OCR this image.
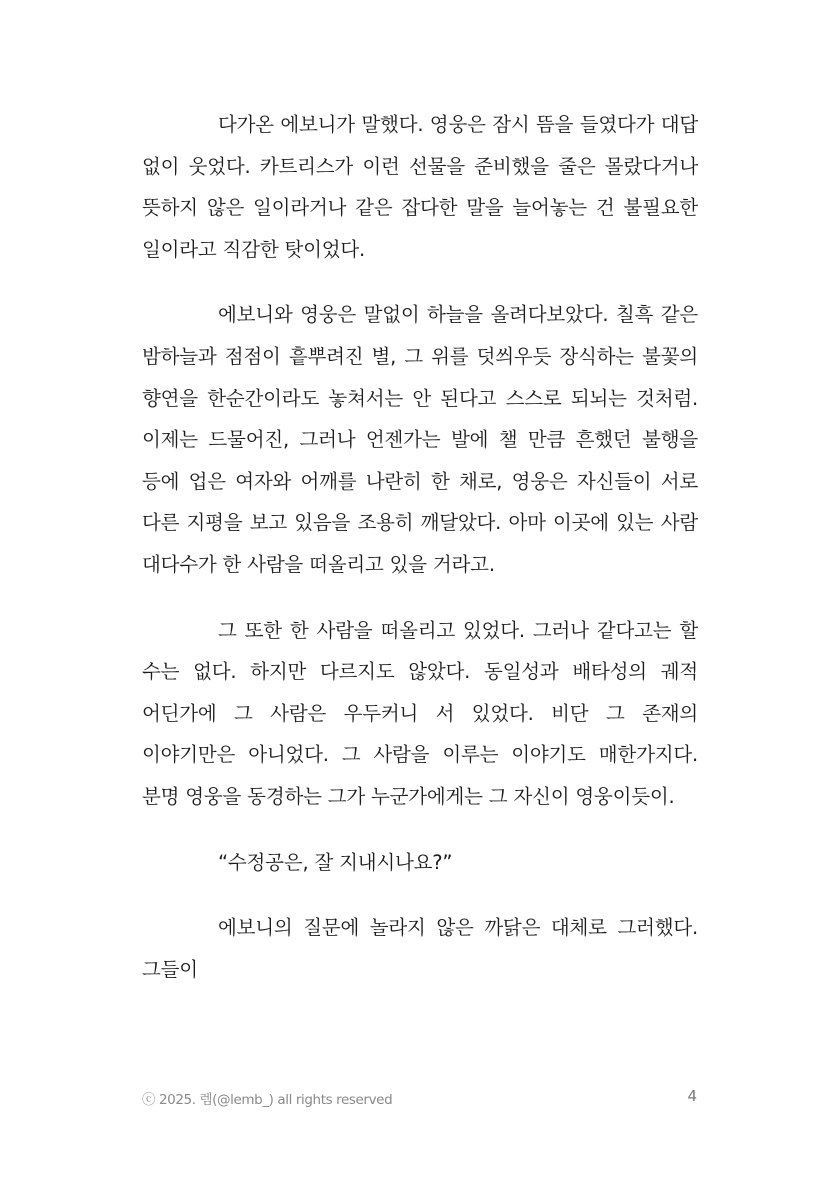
다가온 에보니가 말했다. 영웅은 잠시 뜸을 들였다가 대답 없이 웃었다. 카트리스가 이런 선물을 준비했을 줄은 몰랐다거나 뜻하지 않은 일이라거나 같은 잡다한 말을 늘어놓는 건 불필요한 일이라고 직감한 탓이었다.

에보니와 영웅은 말없이 하늘을 올려다보았다. 칠흑 같은 밤하늘과 점점이 흩뿌려진 별, 그 위를 덧씌우듯 장식하는 불꽃의 향연을 한순간이라도 놓쳐서는 안 된다고 스스로 되뇌는 것처럼. 이제는 드물어진, 그러나 언젠가는 발에 챌 만큼 흔했던 불행을 등에 업은 여자와 어깨를 나란히 한 채로, 영웅은 자신들이 서로 다른 지평을 보고 있음을 조용히 깨달았다. 아마 이곳에 있는 사람 대다수가 한 사람을 떠올리고 있을 거라고.

그 또한 한 사람을 떠올리고 있었다. 그러나 같다고는 할 수는 없다. 하지만 다르지도 않았다. 동일성과 배타성의 궤적 어딘가에 그 사람은 우두커니 서 있었다. 비단 그 존재의 이야기만은 아니었다. 그 사람을 이루는 이야기도 매한가지다. 분명 영웅을 동경하는 그가 누군가에게는 그 자신이 영웅이듯이.

“수정공은, 잘 지내시나요?”

에보니의 질문에 놀라지 않은 까닭은 대체로 그러했다. 그들이

ⓒ 2025. 렘(@lemb_) all rights reserved	4
